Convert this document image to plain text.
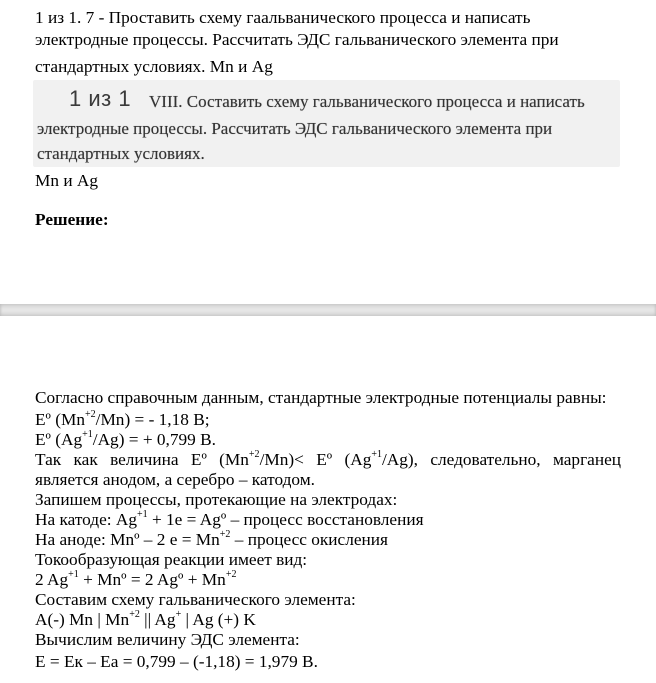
1 из 1. 7 - Проставить схему гаальванического процесса и написать
электродные процессы. Рассчитать ЭДС гальванического элемента при
стандартных условиях. Mn и Ag
1 из 1 VIII. Составить схему гальванического процесса и написать
электродные процессы. Рассчитать ЭДС гальванического элемента при
стандартных условиях.
Mn и Ag
Решение:
Согласно справочным данным, стандартные электродные потенциалы равны:
Eº $(Mn^{+2}/Mn)$ = - 1,18 В;
Eº $(Ag^{+1}/Ag)$ = + 0,799 В.
Так как величина Eº $(Mn^{+2}/Mn)<$ Eº $(Ag^{+1}/Ag)$, следовательно, марганец
является анодом, а серебро – катодом.
Запишем процессы, протекающие на электродах:
На катоде: $Ag^{+1} + 1e$ = Agº – процесс восстановления
На аноде: Mnº – 2 $e = Mn^{+2}$ – процесс окисления
Токообразующая реакции имеет вид:
2 $Ag^{+1}$ + Mnº = 2 Agº + $Mn^{+2}$
Составим схему гальванического элемента:
A(-) Mn | $Mn^{+2}$ || Ag+ | Ag (+) K
Вычислим величину ЭДС элемента:
E = Eк – Eа = 0,799 – (-1,18) = 1,979 В.
